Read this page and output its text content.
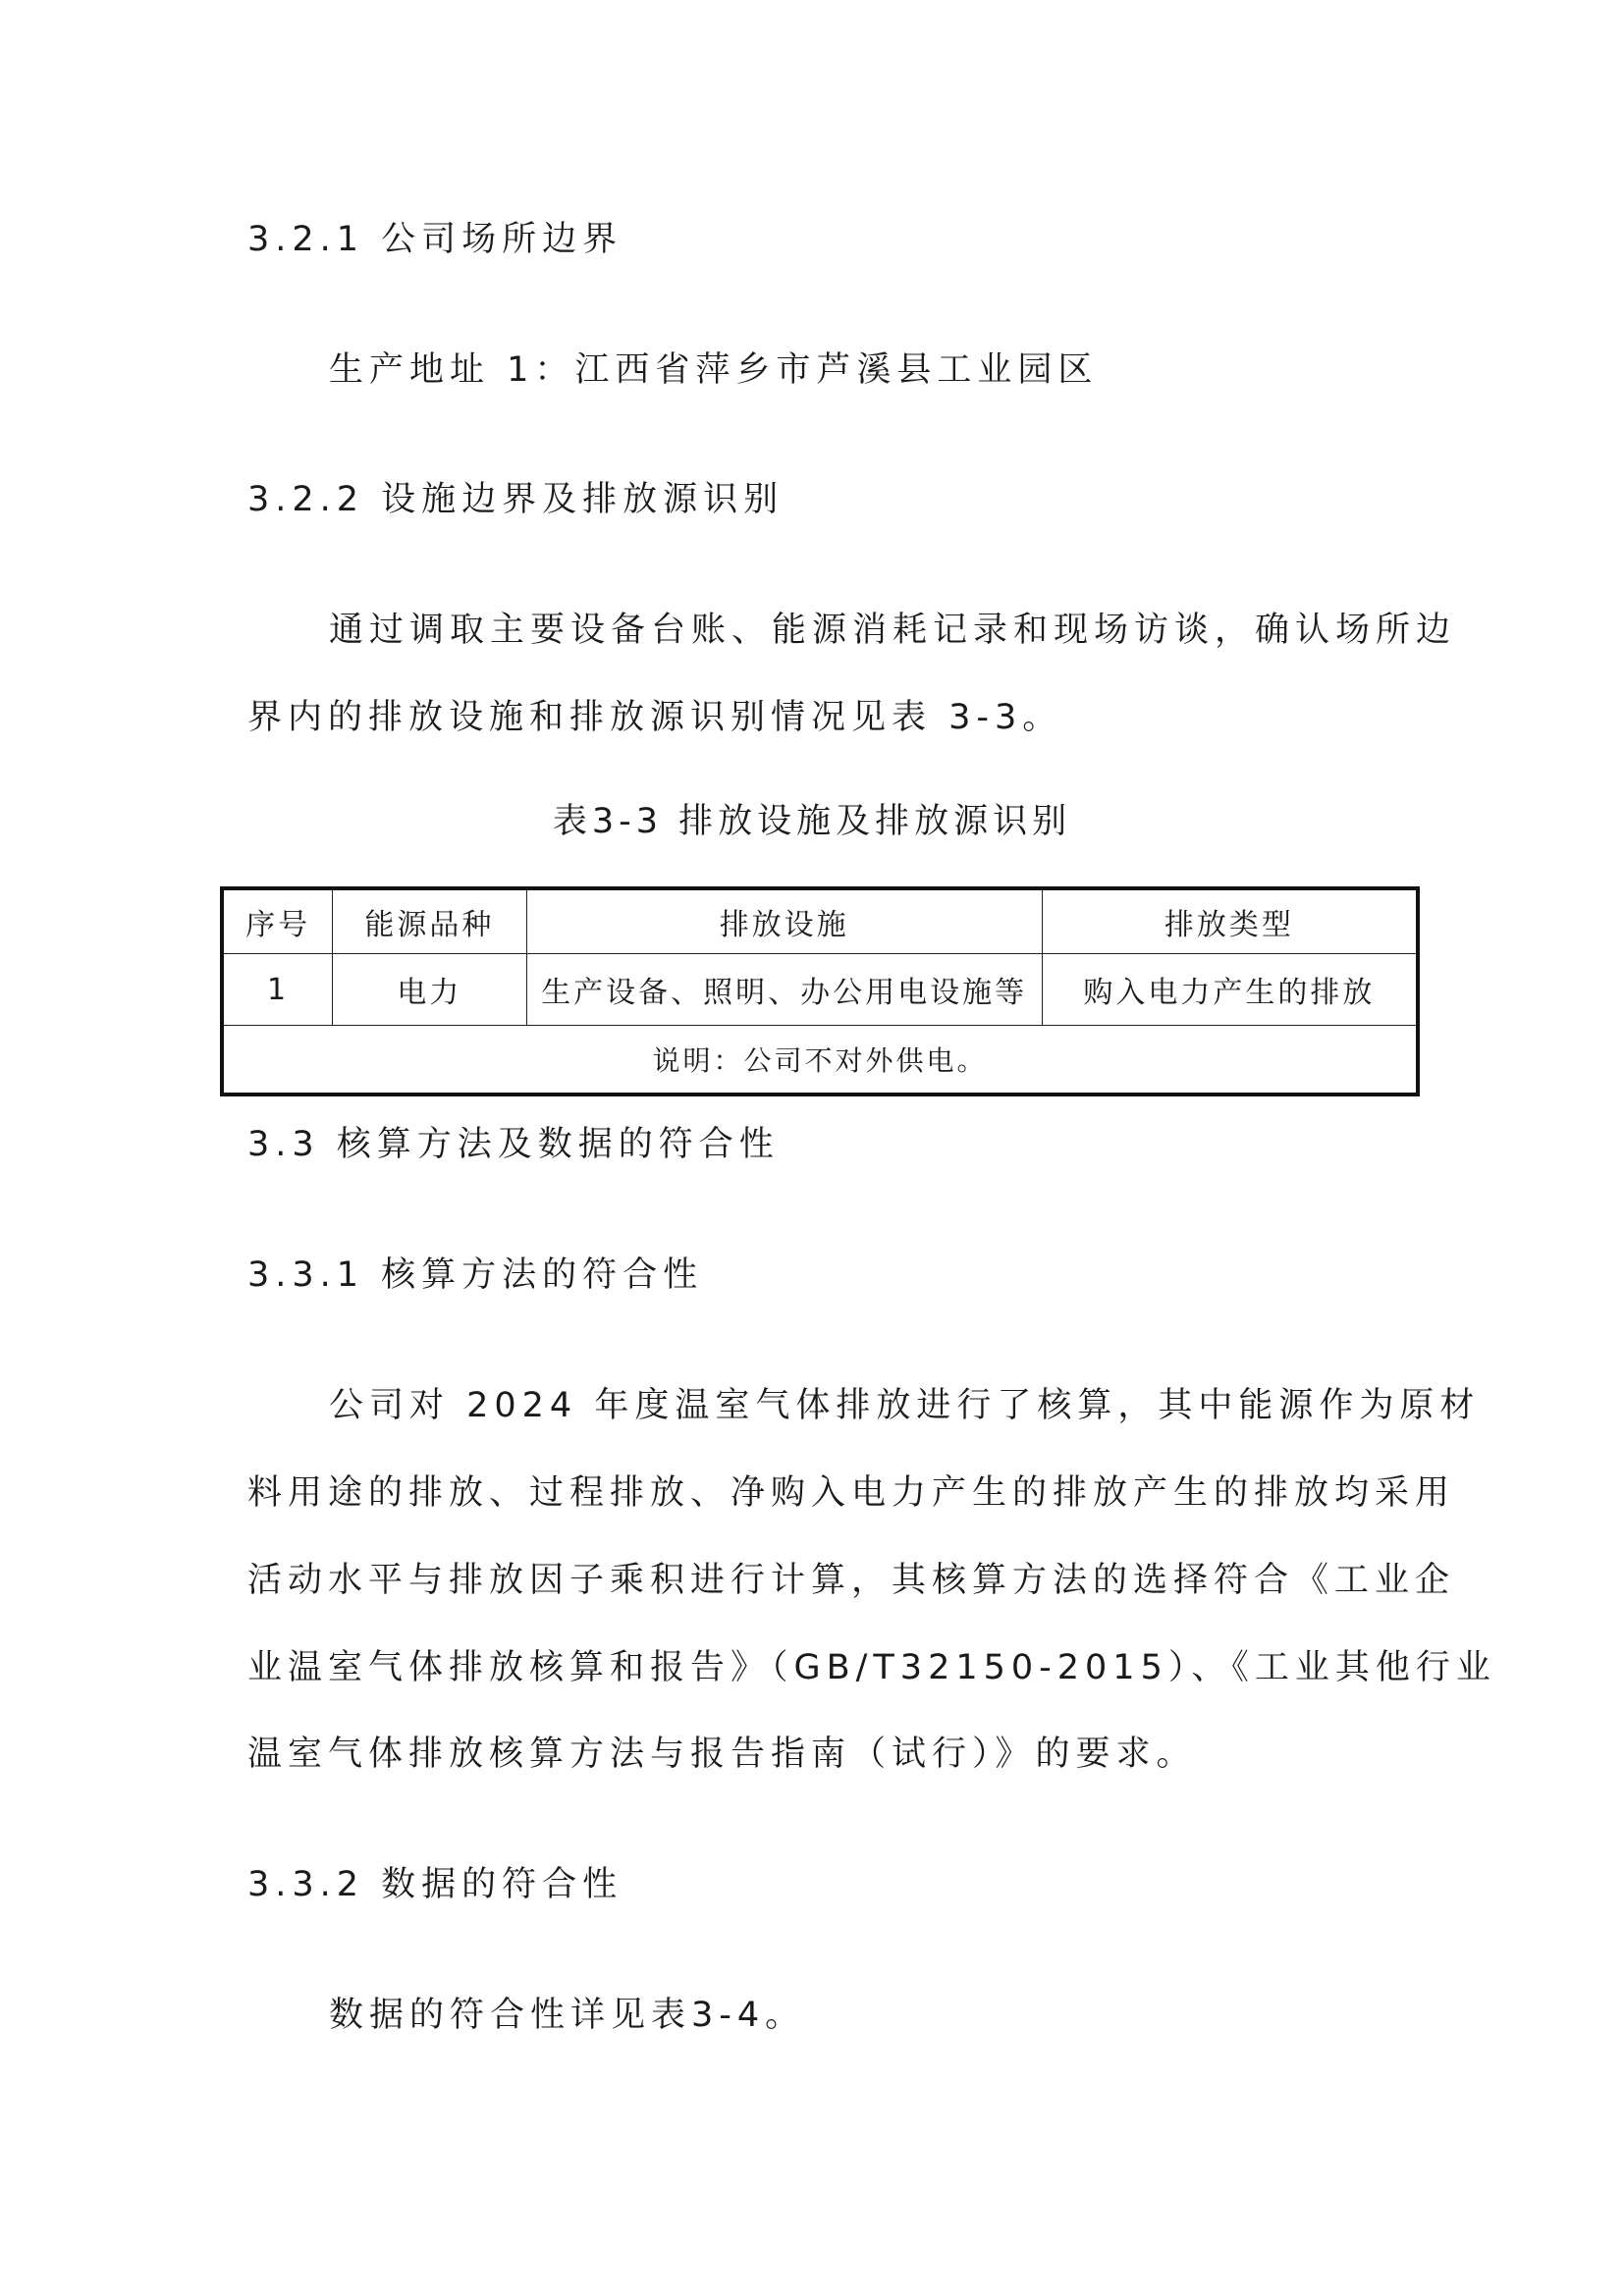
3.2.1 公司场所边界
生产地址 1：江西省萍乡市芦溪县工业园区
3.2.2 设施边界及排放源识别
通过调取主要设备台账、能源消耗记录和现场访谈，确认场所边
界内的排放设施和排放源识别情况见表 3-3。
表3-3 排放设施及排放源识别
序号	能源品种	排放设施	排放类型
1	电力	生产设备、照明、办公用电设施等	购入电力产生的排放
说明：公司不对外供电。			
3.3 核算方法及数据的符合性
3.3.1 核算方法的符合性
公司对 2024 年度温室气体排放进行了核算，其中能源作为原材
料用途的排放、过程排放、净购入电力产生的排放产生的排放均采用
活动水平与排放因子乘积进行计算，其核算方法的选择符合《工业企
业温室气体排放核算和报告》（GB/T32150-2015）、《工业其他行业
温室气体排放核算方法与报告指南（试行）》的要求。
3.3.2 数据的符合性
数据的符合性详见表3-4。
